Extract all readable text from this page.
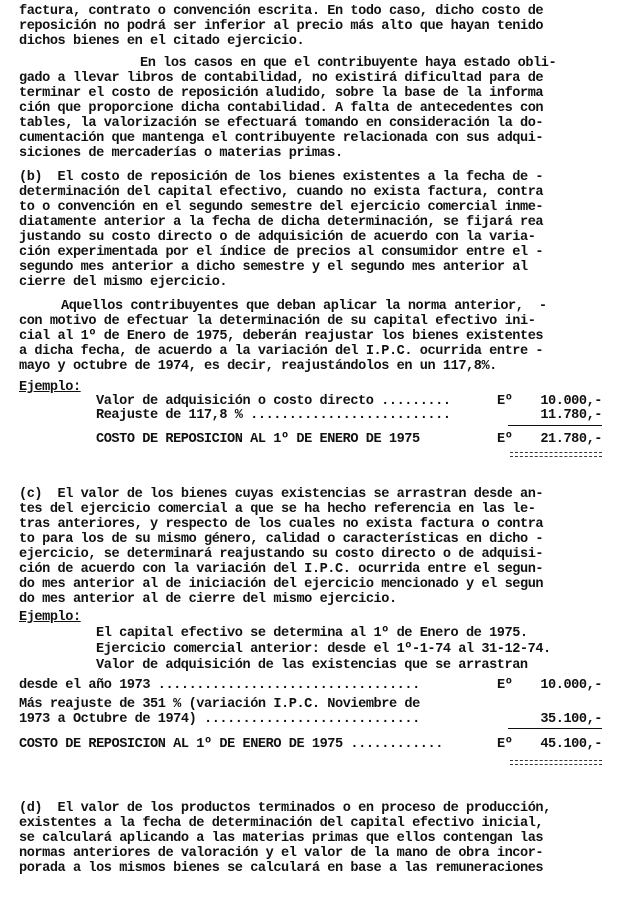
factura, contrato o convención escrita. En todo caso, dicho costo de
reposición no podrá ser inferior al precio más alto que hayan tenido
dichos bienes en el citado ejercicio.
En los casos en que el contribuyente haya estado obli-
gado a llevar libros de contabilidad, no existirá dificultad para de
terminar el costo de reposición aludido, sobre la base de la informa
ción que proporcione dicha contabilidad. A falta de antecedentes con
tables, la valorización se efectuará tomando en consideración la do-
cumentación que mantenga el contribuyente relacionada con sus adqui-
siciones de mercaderías o materias primas.
(b)  El costo de reposición de los bienes existentes a la fecha de -
determinación del capital efectivo, cuando no exista factura, contra
to o convención en el segundo semestre del ejercicio comercial inme-
diatamente anterior a la fecha de dicha determinación, se fijará rea
justando su costo directo o de adquisición de acuerdo con la varia-
ción experimentada por el índice de precios al consumidor entre el -
segundo mes anterior a dicho semestre y el segundo mes anterior al
cierre del mismo ejercicio.
Aquellos contribuyentes que deban aplicar la norma anterior,  -
con motivo de efectuar la determinación de su capital efectivo ini-
cial al 1º de Enero de 1975, deberán reajustar los bienes existentes
a dicha fecha, de acuerdo a la variación del I.P.C. ocurrida entre -
mayo y octubre de 1974, es decir, reajustándolos en un 117,8%.
Ejemplo:
Valor de adquisición o costo directo .........	Eº	10.000,-
Reajuste de 117,8 % ..........................	11.780,-
COSTO DE REPOSICION AL 1º DE ENERO DE 1975	Eº	21.780,-
(c)  El valor de los bienes cuyas existencias se arrastran desde an-
tes del ejercicio comercial a que se ha hecho referencia en las le-
tras anteriores, y respecto de los cuales no exista factura o contra
to para los de su mismo género, calidad o características en dicho -
ejercicio, se determinará reajustando su costo directo o de adquisi-
ción de acuerdo con la variación del I.P.C. ocurrida entre el segun-
do mes anterior al de iniciación del ejercicio mencionado y el segun
do mes anterior al de cierre del mismo ejercicio.
Ejemplo:
El capital efectivo se determina al 1º de Enero de 1975.
Ejercicio comercial anterior: desde el 1º-1-74 al 31-12-74.
Valor de adquisición de las existencias que se arrastran
desde el año 1973 ..................................	Eº	10.000,-
Más reajuste de 351 % (variación I.P.C. Noviembre de
1973 a Octubre de 1974) ............................	35.100,-
COSTO DE REPOSICION AL 1º DE ENERO DE 1975 ............	Eº	45.100,-
(d)  El valor de los productos terminados o en proceso de producción,
existentes a la fecha de determinación del capital efectivo inicial,
se calculará aplicando a las materias primas que ellos contengan las
normas anteriores de valoración y el valor de la mano de obra incor-
porada a los mismos bienes se calculará en base a las remuneraciones
